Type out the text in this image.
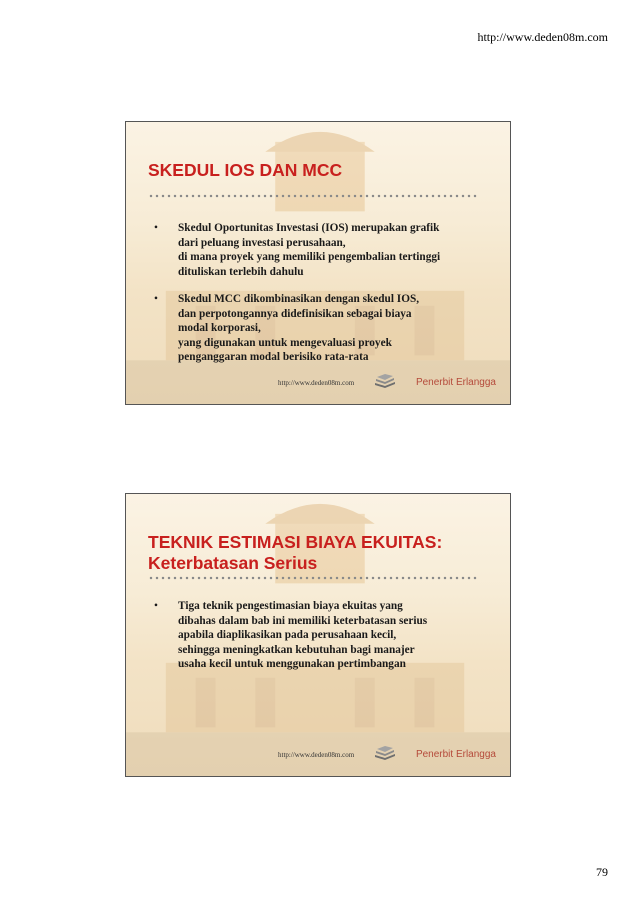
http://www.deden08m.com
SKEDUL IOS DAN MCC
• Skedul Oportunitas Investasi (IOS) merupakan grafik
dari peluang investasi perusahaan,
di mana proyek yang memiliki pengembalian tertinggi
dituliskan terlebih dahulu
• Skedul MCC dikombinasikan dengan skedul IOS,
dan perpotongannya didefinisikan sebagai biaya
modal korporasi,
yang digunakan untuk mengevaluasi proyek
penganggaran modal berisiko rata-rata
http://www.deden08m.com	Penerbit Erlangga
TEKNIK ESTIMASI BIAYA EKUITAS:
Keterbatasan Serius
• Tiga teknik pengestimasian biaya ekuitas yang
dibahas dalam bab ini memiliki keterbatasan serius
apabila diaplikasikan pada perusahaan kecil,
sehingga meningkatkan kebutuhan bagi manajer
usaha kecil untuk menggunakan pertimbangan
http://www.deden08m.com	Penerbit Erlangga
79
